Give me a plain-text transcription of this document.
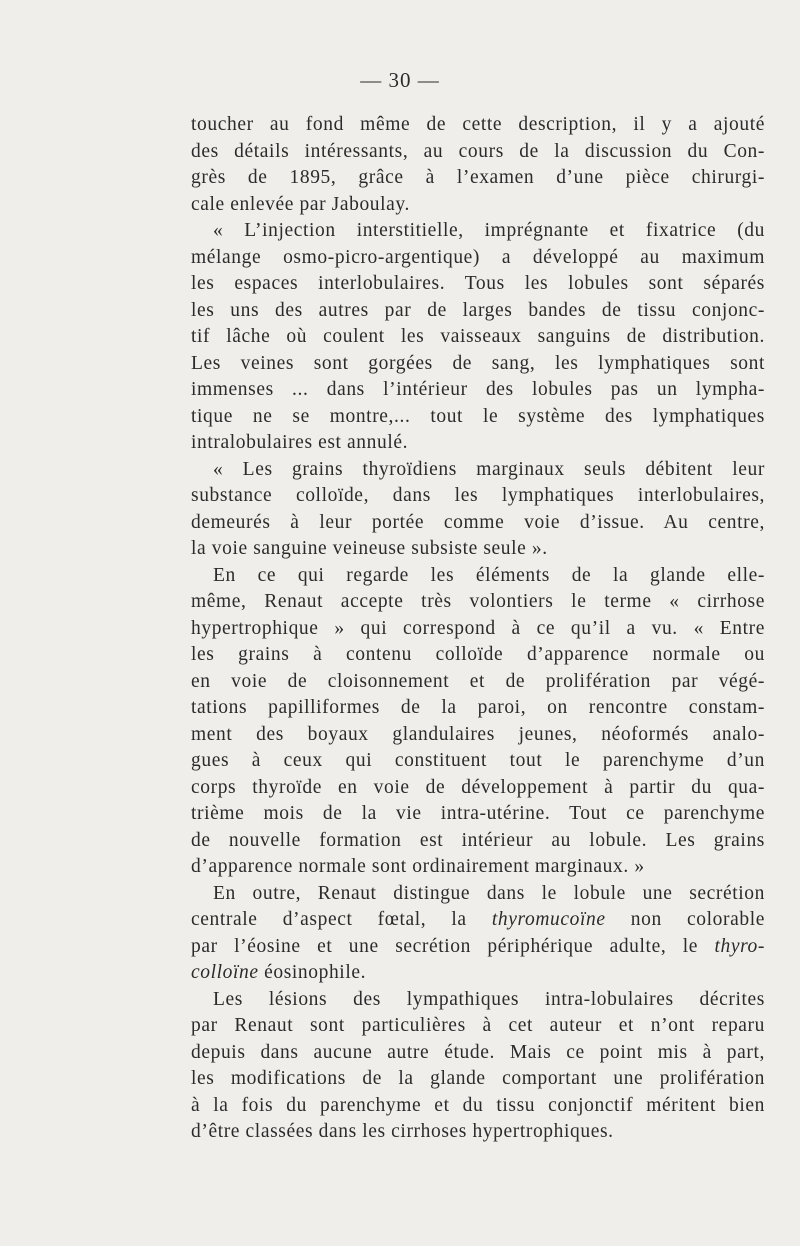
— 30 —
toucher au fond même de cette description, il y a ajouté
des détails intéressants, au cours de la discussion du Con-
grès de 1895, grâce à l’examen d’une pièce chirurgi-
cale enlevée par Jaboulay.
« L’injection interstitielle, imprégnante et fixatrice (du
mélange osmo-picro-argentique) a développé au maximum
les espaces interlobulaires. Tous les lobules sont séparés
les uns des autres par de larges bandes de tissu conjonc-
tif lâche où coulent les vaisseaux sanguins de distribution.
Les veines sont gorgées de sang, les lymphatiques sont
immenses ... dans l’intérieur des lobules pas un lympha-
tique ne se montre,... tout le système des lymphatiques
intralobulaires est annulé.
« Les grains thyroïdiens marginaux seuls débitent leur
substance colloïde, dans les lymphatiques interlobulaires,
demeurés à leur portée comme voie d’issue. Au centre,
la voie sanguine veineuse subsiste seule ».
En ce qui regarde les éléments de la glande elle-
même, Renaut accepte très volontiers le terme « cirrhose
hypertrophique » qui correspond à ce qu’il a vu. « Entre
les grains à contenu colloïde d’apparence normale ou
en voie de cloisonnement et de prolifération par végé-
tations papilliformes de la paroi, on rencontre constam-
ment des boyaux glandulaires jeunes, néoformés analo-
gues à ceux qui constituent tout le parenchyme d’un
corps thyroïde en voie de développement à partir du qua-
trième mois de la vie intra-utérine. Tout ce parenchyme
de nouvelle formation est intérieur au lobule. Les grains
d’apparence normale sont ordinairement marginaux. »
En outre, Renaut distingue dans le lobule une secrétion
centrale d’aspect fœtal, la thyromucoïne non colorable
par l’éosine et une secrétion périphérique adulte, le thyro-
colloïne éosinophile.
Les lésions des lympathiques intra-lobulaires décrites
par Renaut sont particulières à cet auteur et n’ont reparu
depuis dans aucune autre étude. Mais ce point mis à part,
les modifications de la glande comportant une prolifération
à la fois du parenchyme et du tissu conjonctif méritent bien
d’être classées dans les cirrhoses hypertrophiques.
